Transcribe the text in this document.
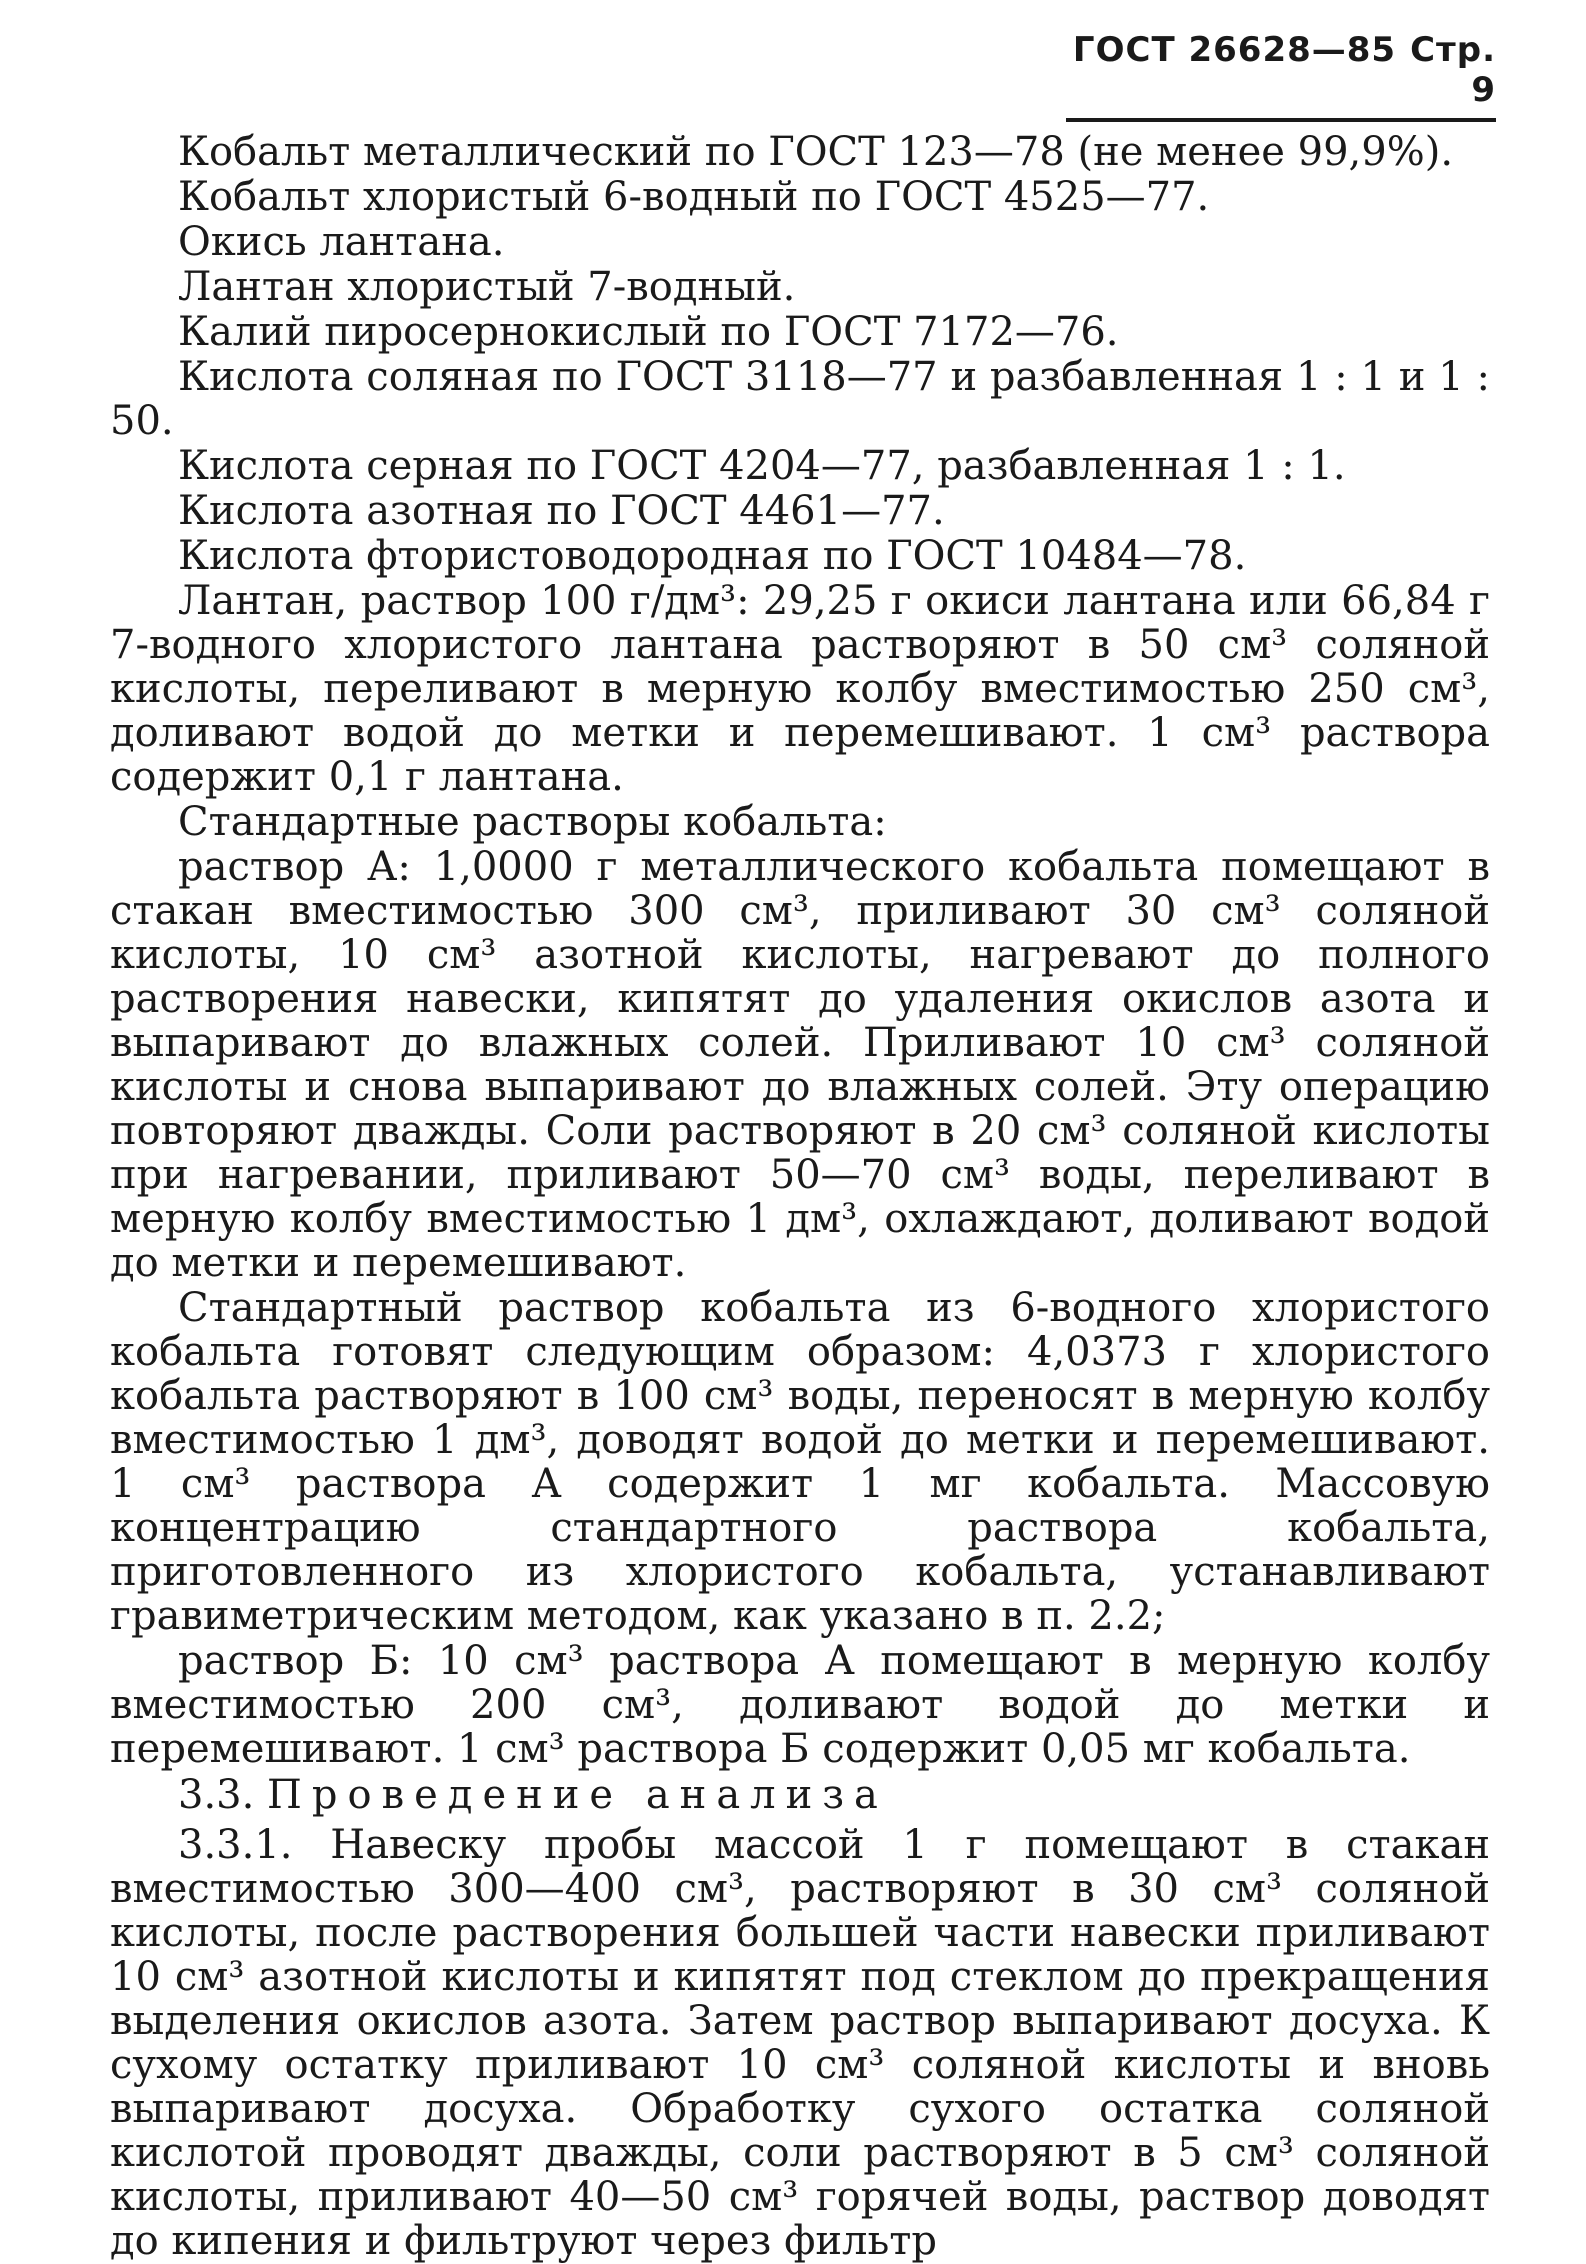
ГОСТ 26628—85 Стр. 9

Кобальт металлический по ГОСТ 123—78 (не менее 99,9%).

Кобальт хлористый 6-водный по ГОСТ 4525—77.

Окись лантана.

Лантан хлористый 7-водный.

Калий пиросернокислый по ГОСТ 7172—76.

Кислота соляная по ГОСТ 3118—77 и разбавленная 1 : 1 и 1 : 50.

Кислота серная по ГОСТ 4204—77, разбавленная 1 : 1.

Кислота азотная по ГОСТ 4461—77.

Кислота фтористоводородная по ГОСТ 10484—78.

Лантан, раствор 100 г/дм³: 29,25 г окиси лантана или 66,84 г 7-водного хлористого лантана растворяют в 50 см³ соляной кислоты, переливают в мерную колбу вместимостью 250 см³, доливают водой до метки и перемешивают. 1 см³ раствора содержит 0,1 г лантана.

Стандартные растворы кобальта:

раствор А: 1,0000 г металлического кобальта помещают в стакан вместимостью 300 см³, приливают 30 см³ соляной кислоты, 10 см³ азотной кислоты, нагревают до полного растворения навески, кипятят до удаления окислов азота и выпаривают до влажных солей. Приливают 10 см³ соляной кислоты и снова выпаривают до влажных солей. Эту операцию повторяют дважды. Соли растворяют в 20 см³ соляной кислоты при нагревании, приливают 50—70 см³ воды, переливают в мерную колбу вместимостью 1 дм³, охлаждают, доливают водой до метки и перемешивают.

Стандартный раствор кобальта из 6-водного хлористого кобальта готовят следующим образом: 4,0373 г хлористого кобальта растворяют в 100 см³ воды, переносят в мерную колбу вместимостью 1 дм³, доводят водой до метки и перемешивают. 1 см³ раствора А содержит 1 мг кобальта. Массовую концентрацию стандартного раствора кобальта, приготовленного из хлористого кобальта, устанавливают гравиметрическим методом, как указано в п. 2.2;

раствор Б: 10 см³ раствора А помещают в мерную колбу вместимостью 200 см³, доливают водой до метки и перемешивают. 1 см³ раствора Б содержит 0,05 мг кобальта.

3.3. Проведение анализа

3.3.1. Навеску пробы массой 1 г помещают в стакан вместимостью 300—400 см³, растворяют в 30 см³ соляной кислоты, после растворения большей части навески приливают 10 см³ азотной кислоты и кипятят под стеклом до прекращения выделения окислов азота. Затем раствор выпаривают досуха. К сухому остатку приливают 10 см³ соляной кислоты и вновь выпаривают досуха. Обработку сухого остатка соляной кислотой проводят дважды, соли растворяют в 5 см³ соляной кислоты, приливают 40—50 см³ горячей воды, раствор доводят до кипения и фильтруют через фильтр
